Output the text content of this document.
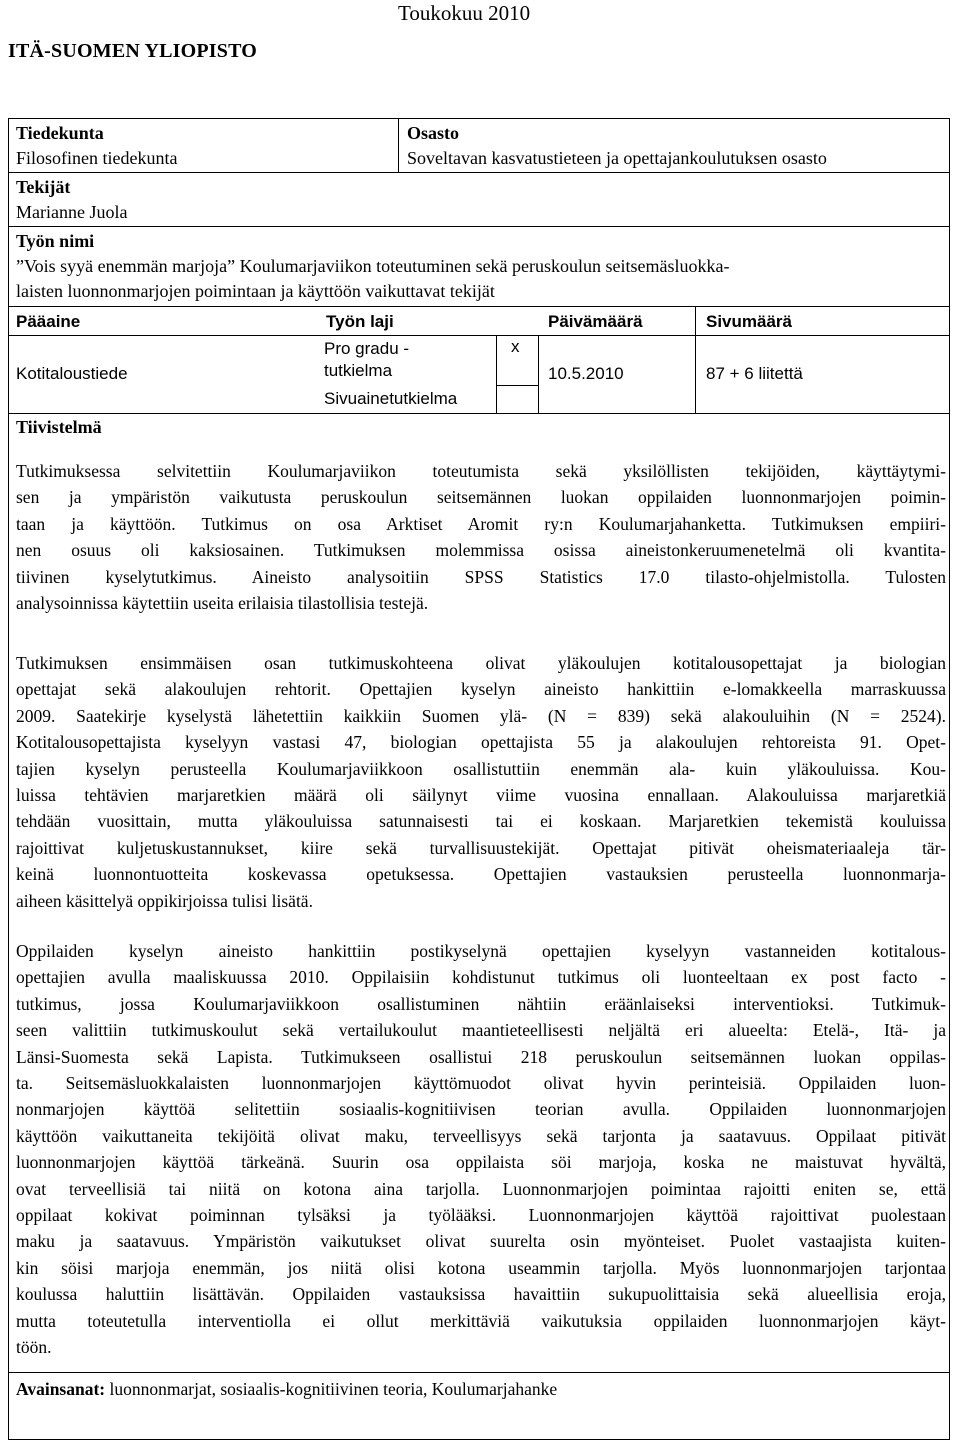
Toukokuu 2010
ITÄ-SUOMEN YLIOPISTO
Tiedekunta
Filosofinen tiedekunta
Osasto
Soveltavan kasvatustieteen ja opettajankoulutuksen osasto
Tekijät
Marianne Juola
Työn nimi
”Vois syyä enemmän marjoja” Koulumarjaviikon toteutuminen sekä peruskoulun seitsemäsluokka-
laisten luonnonmarjojen poimintaan ja käyttöön vaikuttavat tekijät
Pääaine
Kotitaloustiede
Työn laji
Pro gradu -
tutkielma
x
Sivuainetutkielma
Päivämäärä
10.5.2010
Sivumäärä
87 + 6 liitettä
Tiivistelmä
Tutkimuksessa selvitettiin Koulumarjaviikon toteutumista sekä yksilöllisten tekijöiden, käyttäytymi-
sen ja ympäristön vaikutusta peruskoulun seitsemännen luokan oppilaiden luonnonmarjojen poimin-
taan ja käyttöön. Tutkimus on osa Arktiset Aromit ry:n Koulumarjahanketta. Tutkimuksen empiiri-
nen osuus oli kaksiosainen. Tutkimuksen molemmissa osissa aineistonkeruumenetelmä oli kvantita-
tiivinen kyselytutkimus. Aineisto analysoitiin SPSS Statistics 17.0 tilasto-ohjelmistolla. Tulosten
analysoinnissa käytettiin useita erilaisia tilastollisia testejä.
Tutkimuksen ensimmäisen osan tutkimuskohteena olivat yläkoulujen kotitalousopettajat ja biologian
opettajat sekä alakoulujen rehtorit. Opettajien kyselyn aineisto hankittiin e-lomakkeella marraskuussa
2009. Saatekirje kyselystä lähetettiin kaikkiin Suomen ylä- (N = 839) sekä alakouluihin (N = 2524).
Kotitalousopettajista kyselyyn vastasi 47, biologian opettajista 55 ja alakoulujen rehtoreista 91. Opet-
tajien kyselyn perusteella Koulumarjaviikkoon osallistuttiin enemmän ala- kuin yläkouluissa. Kou-
luissa tehtävien marjaretkien määrä oli säilynyt viime vuosina ennallaan. Alakouluissa marjaretkiä
tehdään vuosittain, mutta yläkouluissa satunnaisesti tai ei koskaan. Marjaretkien tekemistä kouluissa
rajoittivat kuljetuskustannukset, kiire sekä turvallisuustekijät. Opettajat pitivät oheismateriaaleja tär-
keinä luonnontuotteita koskevassa opetuksessa. Opettajien vastauksien perusteella luonnonmarja-
aiheen käsittelyä oppikirjoissa tulisi lisätä.
Oppilaiden kyselyn aineisto hankittiin postikyselynä opettajien kyselyyn vastanneiden kotitalous-
opettajien avulla maaliskuussa 2010. Oppilaisiin kohdistunut tutkimus oli luonteeltaan ex post facto -
tutkimus, jossa Koulumarjaviikkoon osallistuminen nähtiin eräänlaiseksi interventioksi. Tutkimuk-
seen valittiin tutkimuskoulut sekä vertailukoulut maantieteellisesti neljältä eri alueelta: Etelä-, Itä- ja
Länsi-Suomesta sekä Lapista. Tutkimukseen osallistui 218 peruskoulun seitsemännen luokan oppilas-
ta. Seitsemäsluokkalaisten luonnonmarjojen käyttömuodot olivat hyvin perinteisiä. Oppilaiden luon-
nonmarjojen käyttöä selitettiin sosiaalis-kognitiivisen teorian avulla. Oppilaiden luonnonmarjojen
käyttöön vaikuttaneita tekijöitä olivat maku, terveellisyys sekä tarjonta ja saatavuus. Oppilaat pitivät
luonnonmarjojen käyttöä tärkeänä. Suurin osa oppilaista söi marjoja, koska ne maistuvat hyvältä,
ovat terveellisiä tai niitä on kotona aina tarjolla. Luonnonmarjojen poimintaa rajoitti eniten se, että
oppilaat kokivat poiminnan tylsäksi ja työlääksi. Luonnonmarjojen käyttöä rajoittivat puolestaan
maku ja saatavuus. Ympäristön vaikutukset olivat suurelta osin myönteiset. Puolet vastaajista kuiten-
kin söisi marjoja enemmän, jos niitä olisi kotona useammin tarjolla. Myös luonnonmarjojen tarjontaa
koulussa haluttiin lisättävän. Oppilaiden vastauksissa havaittiin sukupuolittaisia sekä alueellisia eroja,
mutta toteutetulla interventiolla ei ollut merkittäviä vaikutuksia oppilaiden luonnonmarjojen käyt-
töön.
Avainsanat: luonnonmarjat, sosiaalis-kognitiivinen teoria, Koulumarjahanke
